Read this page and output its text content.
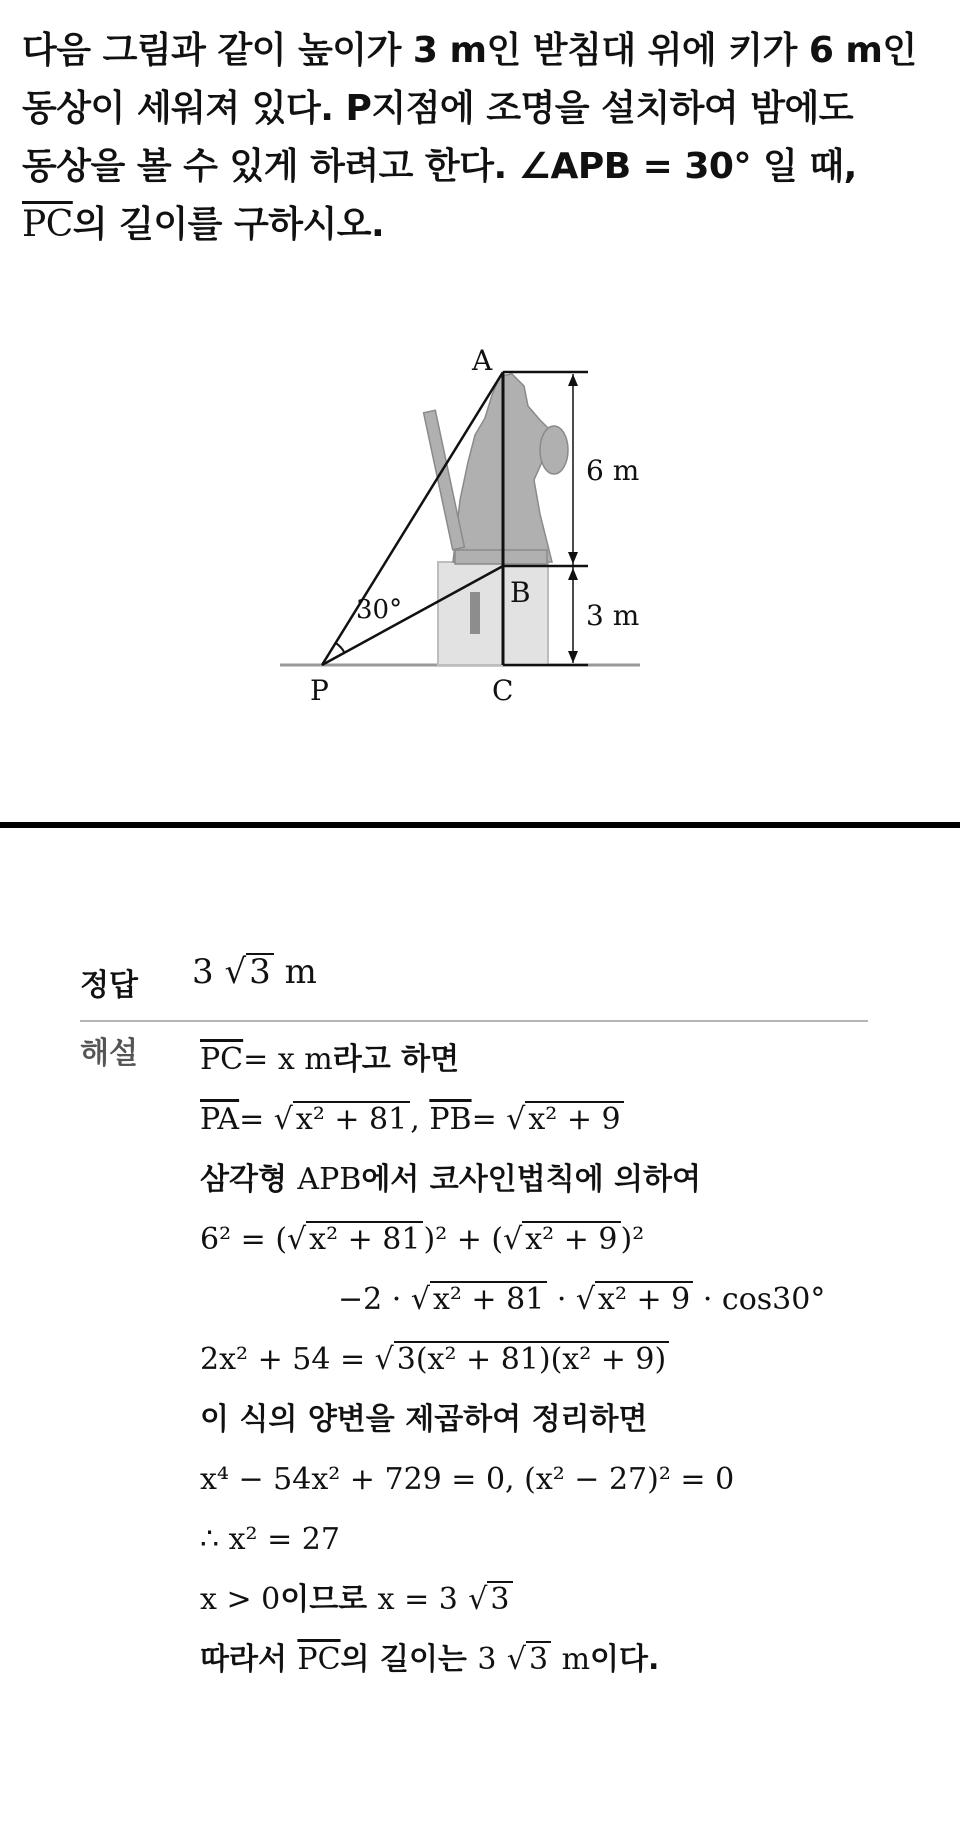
다음 그림과 같이 높이가 3 m인 받침대 위에 키가 6 m인
동상이 세워져 있다. P지점에 조명을 설치하여 밤에도
동상을 볼 수 있게 하려고 한다. ∠APB = 30° 일 때,
$\overline{PC}$의 길이를 구하시오.
A
B
C
P
6 m
3 m
30°
정답 3 √3 m
해설 $\overline{PC}= x$ m라고 하면
$\overline{PA}=$ √ x² + 81 , $\overline{PB}=$ √ x² + 9
삼각형 APB에서 코사인법칙에 의하여
6² = (√ x² + 81 )² + (√ x² + 9 )²
−2 · √ x² + 81 · √ x² + 9 · cos30°
2x² + 54 = √ 3(x² + 81)(x² + 9)
이 식의 양변을 제곱하여 정리하면
x⁴ − 54x² + 729 = 0, (x² − 27)² = 0
∴ x² = 27
x > 0이므로 x = 3 √ 3
따라서 $\overline{PC}$의 길이는 3 √ 3 m이다.
